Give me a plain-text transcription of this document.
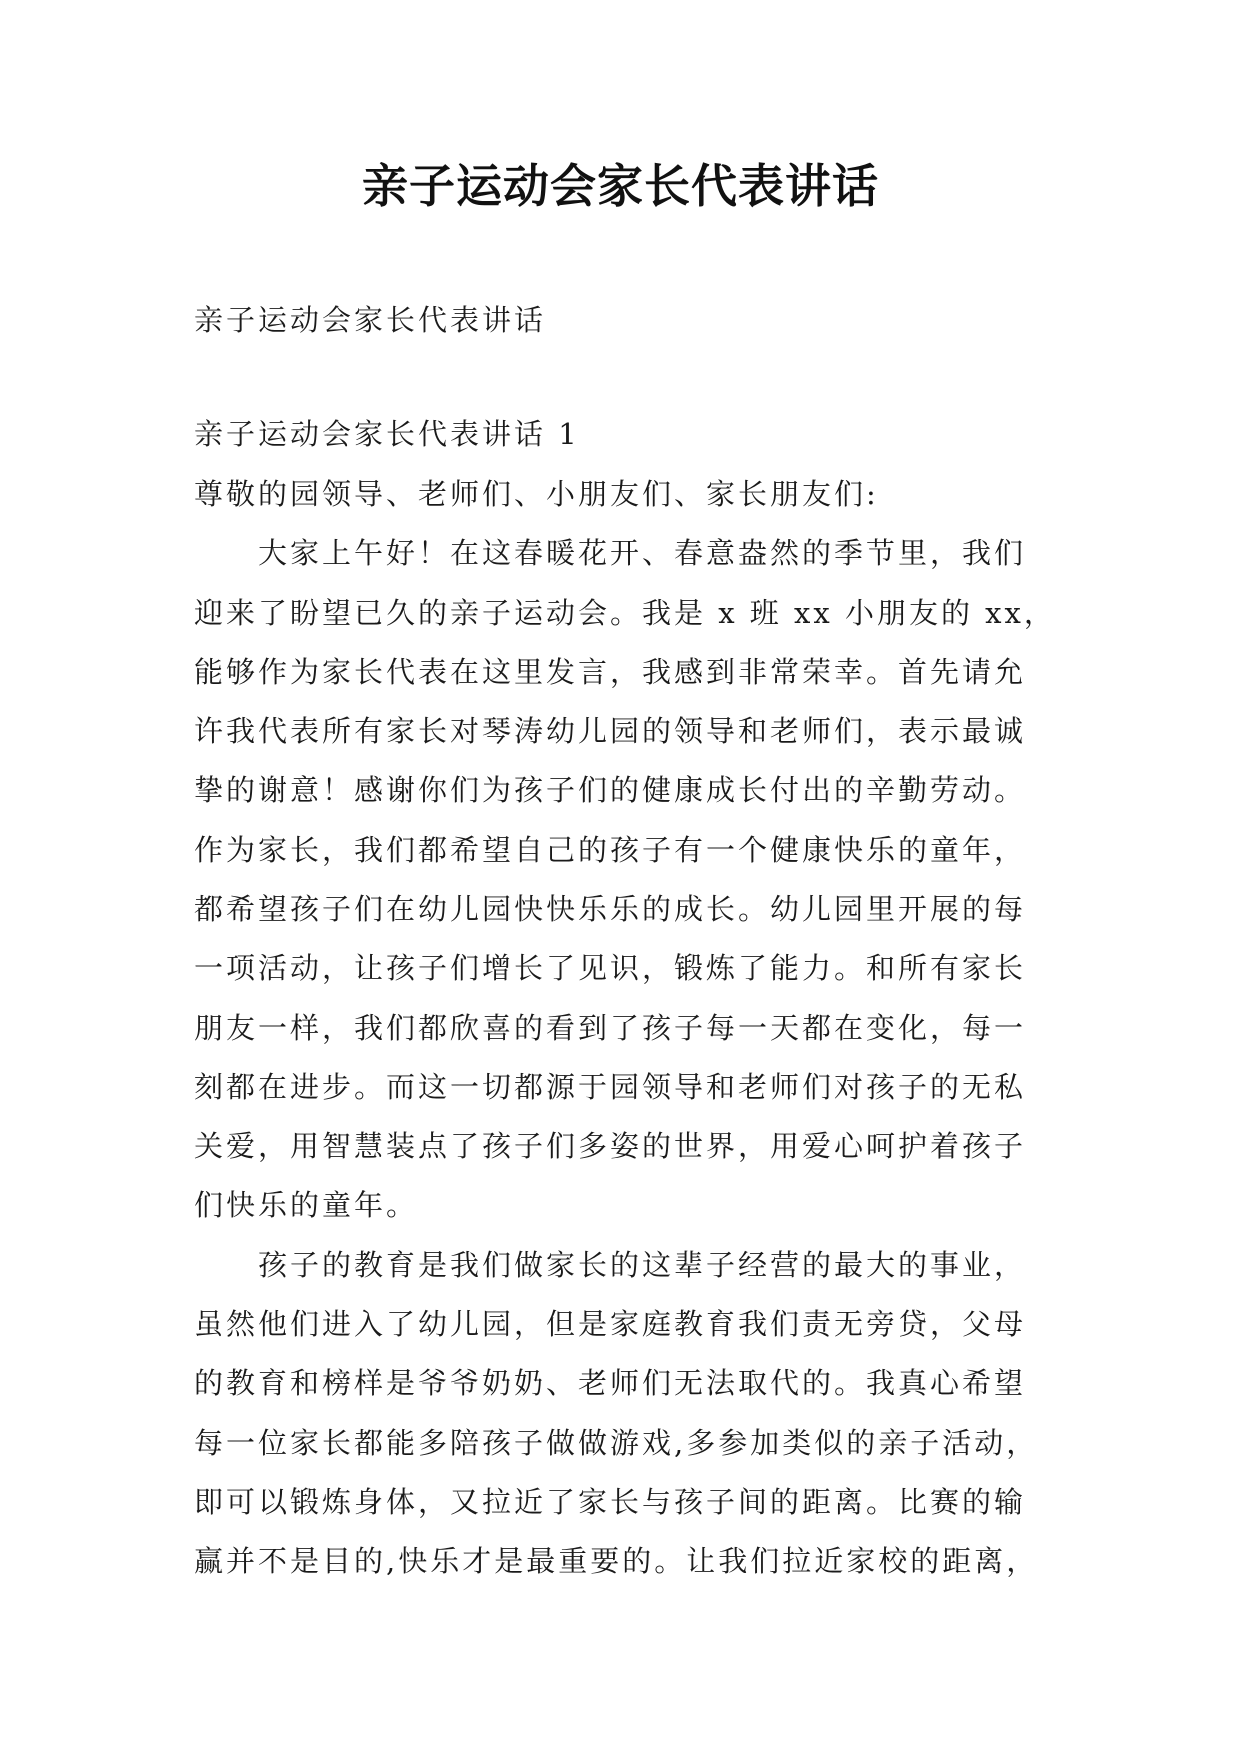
亲子运动会家长代表讲话
亲子运动会家长代表讲话
亲子运动会家长代表讲话 1
尊敬的园领导、老师们、小朋友们、家长朋友们:
大家上午好！在这春暖花开、春意盎然的季节里，我们
迎来了盼望已久的亲子运动会。我是 x 班 xx 小朋友的 xx，
能够作为家长代表在这里发言，我感到非常荣幸。首先请允
许我代表所有家长对琴涛幼儿园的领导和老师们，表示最诚
挚的谢意！感谢你们为孩子们的健康成长付出的辛勤劳动。
作为家长，我们都希望自己的孩子有一个健康快乐的童年，
都希望孩子们在幼儿园快快乐乐的成长。幼儿园里开展的每
一项活动，让孩子们增长了见识，锻炼了能力。和所有家长
朋友一样，我们都欣喜的看到了孩子每一天都在变化，每一
刻都在进步。而这一切都源于园领导和老师们对孩子的无私
关爱，用智慧装点了孩子们多姿的世界，用爱心呵护着孩子
们快乐的童年。
孩子的教育是我们做家长的这辈子经营的最大的事业，
虽然他们进入了幼儿园，但是家庭教育我们责无旁贷，父母
的教育和榜样是爷爷奶奶、老师们无法取代的。我真心希望
每一位家长都能多陪孩子做做游戏,多参加类似的亲子活动，
即可以锻炼身体，又拉近了家长与孩子间的距离。比赛的输
赢并不是目的,快乐才是最重要的。让我们拉近家校的距离，
